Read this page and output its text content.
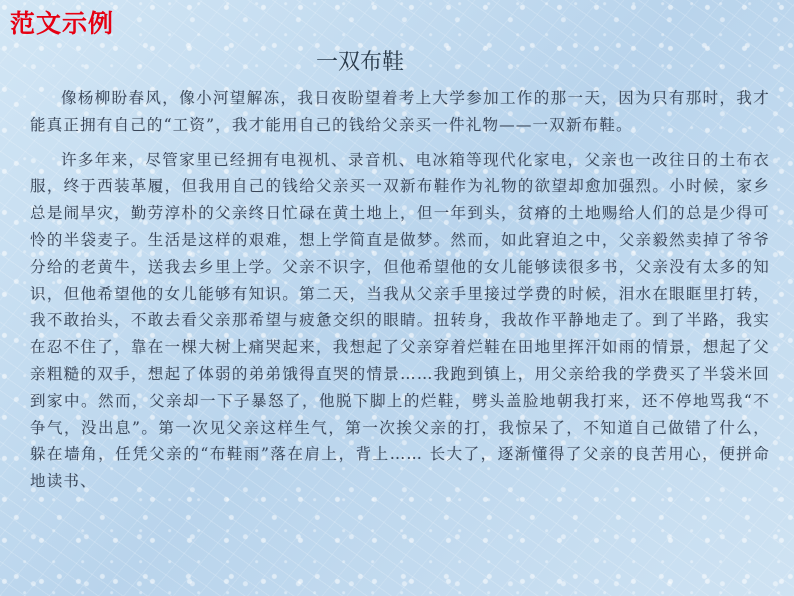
范文示例
一双布鞋

像杨柳盼春风，像小河望解冻，我日夜盼望着考上大学参加工作的那一天，因为只有那时，我才能真正拥有自己的“工资”，我才能用自己的钱给父亲买一件礼物——一双新布鞋。

许多年来，尽管家里已经拥有电视机、录音机、电冰箱等现代化家电，父亲也一改往日的土布衣服，终于西装革履，但我用自己的钱给父亲买一双新布鞋作为礼物的欲望却愈加强烈。小时候，家乡总是闹旱灾，勤劳淳朴的父亲终日忙碌在黄土地上，但一年到头，贫瘠的土地赐给人们的总是少得可怜的半袋麦子。生活是这样的艰难，想上学简直是做梦。然而，如此窘迫之中，父亲毅然卖掉了爷爷分给的老黄牛，送我去乡里上学。父亲不识字，但他希望他的女儿能够读很多书，父亲没有太多的知识，但他希望他的女儿能够有知识。第二天，当我从父亲手里接过学费的时候，泪水在眼眶里打转，我不敢抬头，不敢去看父亲那希望与疲惫交织的眼睛。扭转身，我故作平静地走了。到了半路，我实在忍不住了，靠在一棵大树上痛哭起来，我想起了父亲穿着烂鞋在田地里挥汗如雨的情景，想起了父亲粗糙的双手，想起了体弱的弟弟饿得直哭的情景……我跑到镇上，用父亲给我的学费买了半袋米回到家中。然而，父亲却一下子暴怒了，他脱下脚上的烂鞋，劈头盖脸地朝我打来，还不停地骂我“不争气，没出息”。第一次见父亲这样生气，第一次挨父亲的打，我惊呆了，不知道自己做错了什么，躲在墙角，任凭父亲的“布鞋雨”落在肩上，背上…… 长大了，逐渐懂得了父亲的良苦用心，便拼命地读书、
